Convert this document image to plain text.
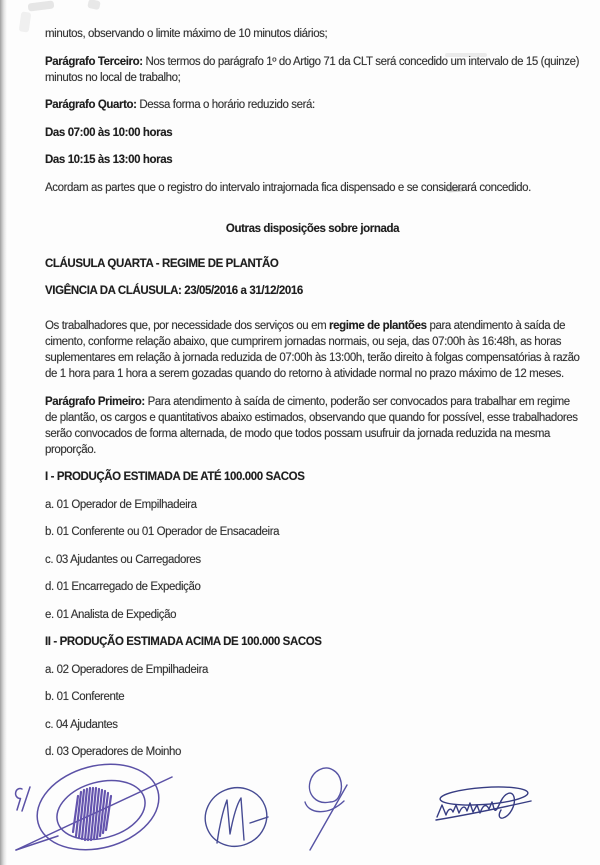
minutos, observando o limite máximo de 10 minutos diários;

Parágrafo Terceiro: Nos termos do parágrafo 1º do Artigo 71 da CLT será concedido um intervalo de 15 (quinze) minutos no local de trabalho;

Parágrafo Quarto: Dessa forma o horário reduzido será:

Das 07:00 às 10:00 horas

Das 10:15 às 13:00 horas

Acordam as partes que o registro do intervalo intrajornada fica dispensado e se considerará concedido.

Outras disposições sobre jornada

CLÁUSULA QUARTA - REGIME DE PLANTÃO

VIGÊNCIA DA CLÁUSULA: 23/05/2016 a 31/12/2016

Os trabalhadores que, por necessidade dos serviços ou em regime de plantões para atendimento à saída de cimento, conforme relação abaixo, que cumprirem jornadas normais, ou seja, das 07:00h às 16:48h, as horas suplementares em relação à jornada reduzida de 07:00h às 13:00h, terão direito à folgas compensatórias à razão de 1 hora para 1 hora a serem gozadas quando do retorno à atividade normal no prazo máximo de 12 meses.

Parágrafo Primeiro: Para atendimento à saída de cimento, poderão ser convocados para trabalhar em regime de plantão, os cargos e quantitativos abaixo estimados, observando que quando for possível, esse trabalhadores serão convocados de forma alternada, de modo que todos possam usufruir da jornada reduzida na mesma proporção.

I - PRODUÇÃO ESTIMADA DE ATÉ 100.000 SACOS

a. 01 Operador de Empilhadeira

b. 01 Conferente ou 01 Operador de Ensacadeira

c. 03 Ajudantes ou Carregadores

d. 01 Encarregado de Expedição

e. 01 Analista de Expedição

II - PRODUÇÃO ESTIMADA ACIMA DE 100.000 SACOS

a. 02 Operadores de Empilhadeira

b. 01 Conferente

c. 04 Ajudantes

d. 03 Operadores de Moinho
